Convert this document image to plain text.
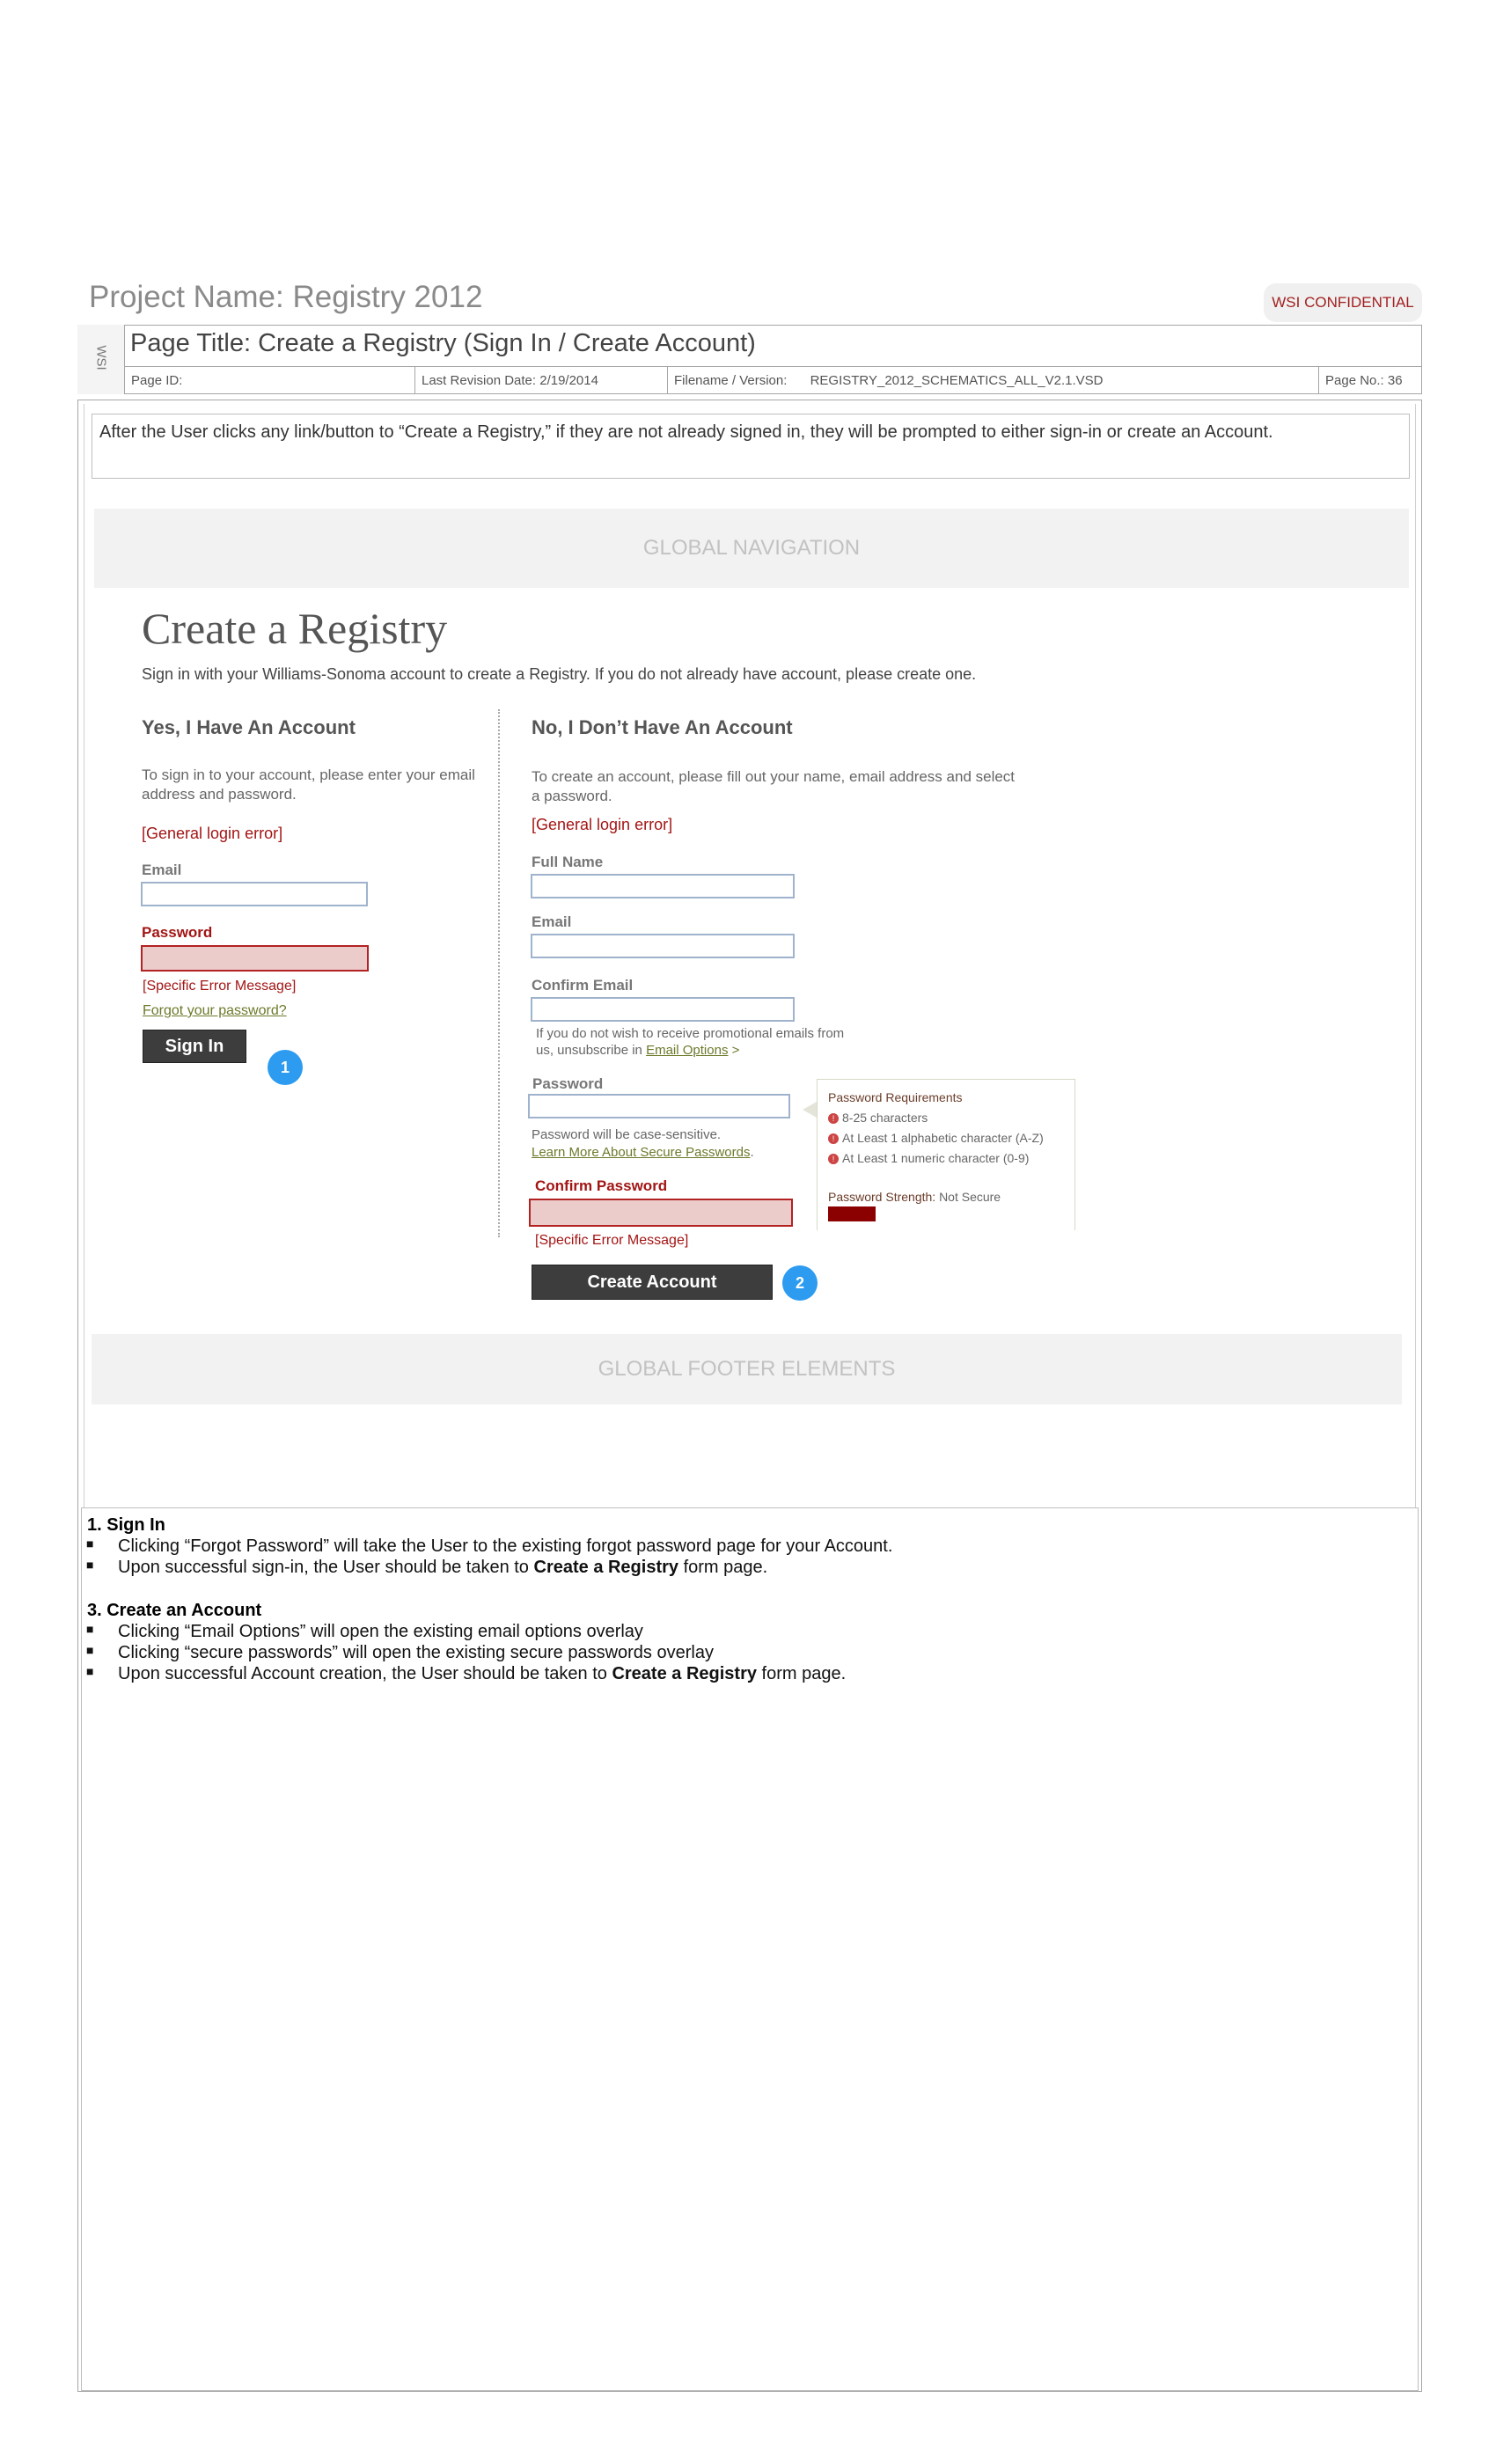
Project Name: Registry 2012	WSI CONFIDENTIAL
WSI
Page Title: Create a Registry (Sign In / Create Account)
Page ID:	Last Revision Date: 2/19/2014	Filename / Version: REGISTRY_2012_SCHEMATICS_ALL_V2.1.VSD	Page No.: 36
After the User clicks any link/button to “Create a Registry,” if they are not already signed in, they will be prompted to either sign-in or create an Account.
GLOBAL NAVIGATION
Create a Registry
Sign in with your Williams-Sonoma account to create a Registry. If you do not already have account, please create one.
Yes, I Have An Account
To sign in to your account, please enter your email address and password.
[General login error]
Email
Password
[Specific Error Message]
Forgot your password?
Sign In
1
No, I Don’t Have An Account
To create an account, please fill out your name, email address and select a password.
[General login error]
Full Name
Email
Confirm Email
If you do not wish to receive promotional emails from us, unsubscribe in Email Options >
Password
Password will be case-sensitive.
Learn More About Secure Passwords.
Confirm Password
[Specific Error Message]
Create Account	2
Password Requirements
! 8-25 characters
! At Least 1 alphabetic character (A-Z)
! At Least 1 numeric character (0-9)
Password Strength: Not Secure
GLOBAL FOOTER ELEMENTS
1. Sign In
■ Clicking “Forgot Password” will take the User to the existing forgot password page for your Account.
■ Upon successful sign-in, the User should be taken to Create a Registry form page.
3. Create an Account
■ Clicking “Email Options” will open the existing email options overlay
■ Clicking “secure passwords” will open the existing secure passwords overlay
■ Upon successful Account creation, the User should be taken to Create a Registry form page.
